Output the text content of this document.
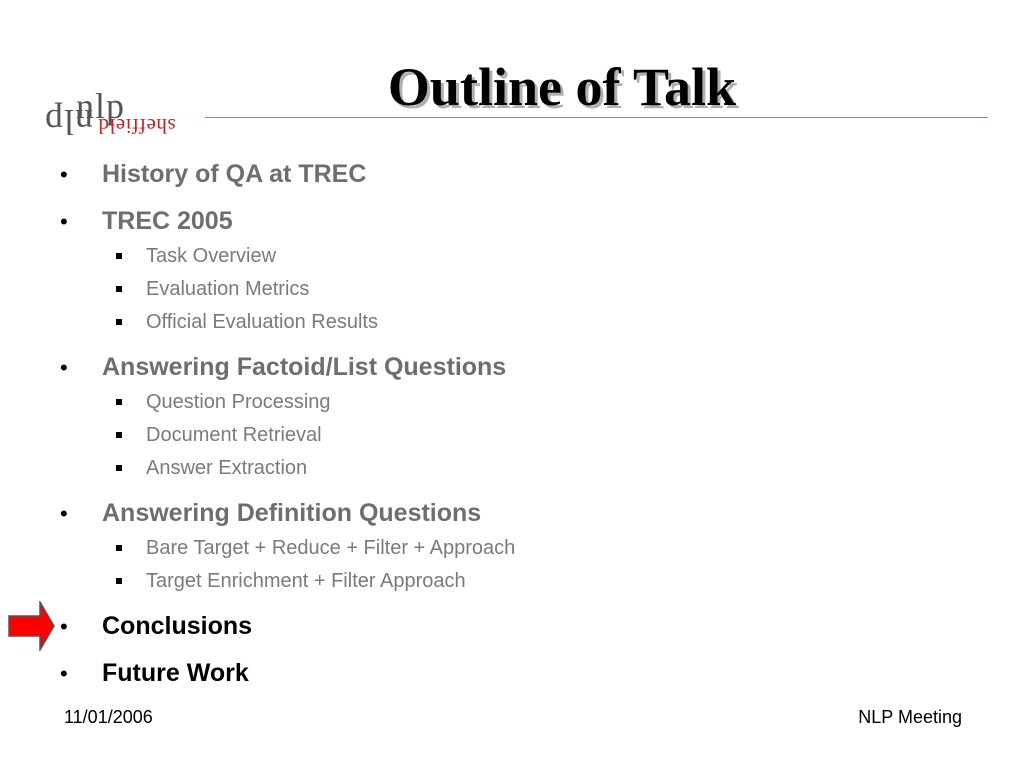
nlp
nlp sheffield
Outline of Talk
• History of QA at TREC
• TREC 2005
Task Overview
Evaluation Metrics
Official Evaluation Results
• Answering Factoid/List Questions
Question Processing
Document Retrieval
Answer Extraction
• Answering Definition Questions
Bare Target + Reduce + Filter + Approach
Target Enrichment + Filter Approach
• Conclusions
• Future Work
11/01/2006	NLP Meeting
